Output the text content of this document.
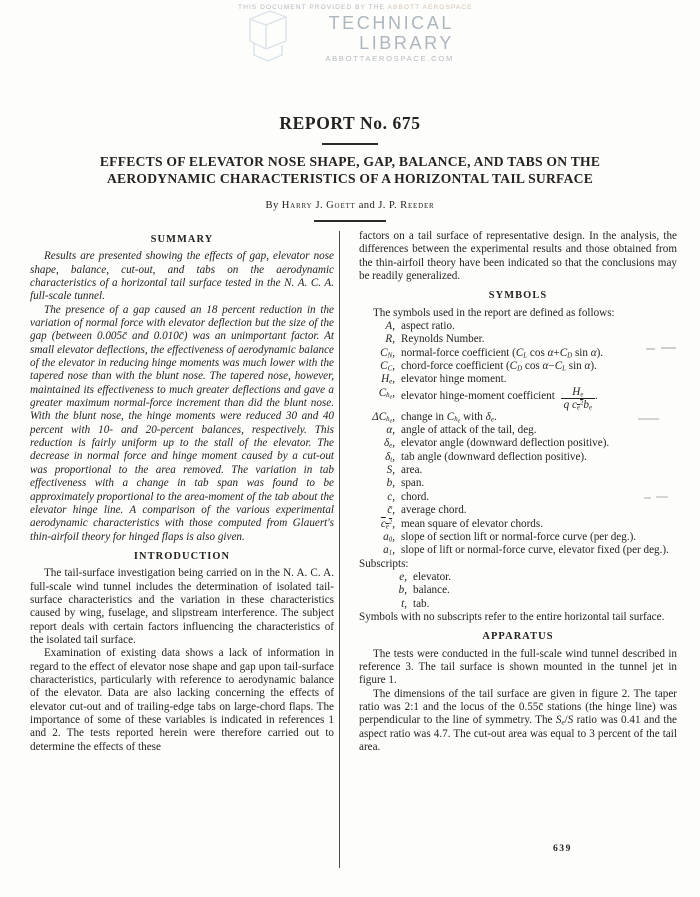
THIS DOCUMENT PROVIDED BY THE ABBOTT AEROSPACE
TECHNICAL LIBRARY
ABBOTTAEROSPACE.COM
REPORT No. 675
EFFECTS OF ELEVATOR NOSE SHAPE, GAP, BALANCE, AND TABS ON THE
AERODYNAMIC CHARACTERISTICS OF A HORIZONTAL TAIL SURFACE
By Harry J. Goett and J. P. Reeder
SUMMARY

Results are presented showing the effects of gap, elevator nose shape, balance, cut-out, and tabs on the aerodynamic characteristics of a horizontal tail surface tested in the N. A. C. A. full-scale tunnel.

The presence of a gap caused an 18 percent reduction in the variation of normal force with elevator deflection but the size of the gap (between 0.005c̄ and 0.010c̄) was an unimportant factor. At small elevator deflections, the effectiveness of aerodynamic balance of the elevator in reducing hinge moments was much lower with the tapered nose than with the blunt nose. The tapered nose, however, maintained its effectiveness to much greater deflections and gave a greater maximum normal-force increment than did the blunt nose. With the blunt nose, the hinge moments were reduced 30 and 40 percent with 10- and 20-percent balances, respectively. This reduction is fairly uniform up to the stall of the elevator. The decrease in normal force and hinge moment caused by a cut-out was proportional to the area removed. The variation in tab effectiveness with a change in tab span was found to be approximately proportional to the area-moment of the tab about the elevator hinge line. A comparison of the various experimental aerodynamic characteristics with those computed from Glauert's thin-airfoil theory for hinged flaps is also given.

INTRODUCTION

The tail-surface investigation being carried on in the N. A. C. A. full-scale wind tunnel includes the determination of isolated tail-surface characteristics and the variation in these characteristics caused by wing, fuselage, and slipstream interference. The subject report deals with certain factors influencing the characteristics of the isolated tail surface.

Examination of existing data shows a lack of information in regard to the effect of elevator nose shape and gap upon tail-surface characteristics, particularly with reference to aerodynamic balance of the elevator. Data are also lacking concerning the effects of elevator cut-out and of trailing-edge tabs on large-chord flaps. The importance of some of these variables is indicated in references 1 and 2. The tests reported herein were therefore carried out to determine the effects of these

factors on a tail surface of representative design. In the analysis, the differences between the experimental results and those obtained from the thin-airfoil theory have been indicated so that the conclusions may be readily generalized.

SYMBOLS

The symbols used in the report are defined as follows:

A, aspect ratio.
R, Reynolds Number.
$C_N$, normal-force coefficient ($C_L$ $\cos \alpha+C_D$ sin α).
$C_C$, chord-force coefficient ($C_D$ $\cos \alpha-C_L$ sin α).
$H_e$, elevator hinge moment.
$C_{h_e}$, elevator hinge-moment coefficient $\frac{H_e}{q c_e^2b_e}$ .
$\Delta C_{h_e}$, change in $C_{h_e}$ with $\delta_e$.
α, angle of attack of the tail, deg.
$\delta_e$, elevator angle (downward deflection positive).
$\delta_t$, tab angle (downward deflection positive).
S, area.
b, span.
c, chord.
c̄, average chord.
$c_e^2$, mean square of elevator chords.
$a_0$, slope of section lift or normal-force curve (per deg.).
$a_1$, slope of lift or normal-force curve, elevator fixed (per deg.).

Subscripts:

e, elevator.
b, balance.
t, tab.

Symbols with no subscripts refer to the entire horizontal tail surface.

APPARATUS

The tests were conducted in the full-scale wind tunnel described in reference 3. The tail surface is shown mounted in the tunnel jet in figure 1.

The dimensions of the tail surface are given in figure 2. The taper ratio was 2:1 and the locus of the 0.55c̄ stations (the hinge line) was perpendicular to the line of symmetry. The $S_e/S$ ratio was 0.41 and the aspect ratio was 4.7. The cut-out area was equal to 3 percent of the tail area.

639
